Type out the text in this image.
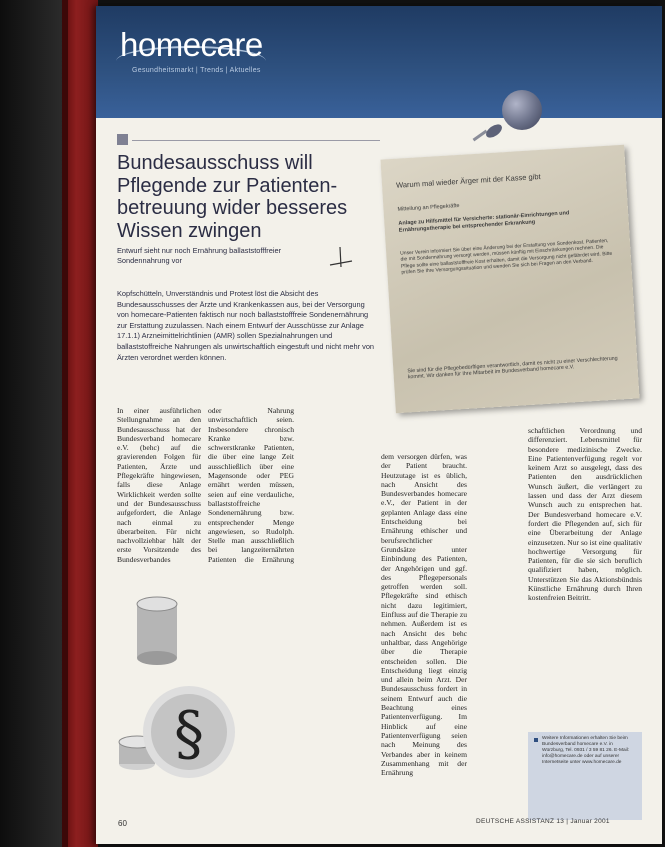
homecare
Gesundheitsmarkt | Trends | Aktuelles
Bundesausschuss will Pflegende zur Patientenbetreuung wider besseres Wissen zwingen

Entwurf sieht nur noch Ernährung ballaststofffreier Sondennahrung vor

Kopfschütteln, Unverständnis und Protest löst die Absicht des Bundesausschusses der Ärzte und Krankenkassen aus, bei der Versorgung von homecare-Patienten faktisch nur noch ballaststofffreie Sondenernährung zur Erstattung zuzulassen. Nach einem Entwurf der Ausschüsse zur Anlage 17.1.1) Arzneimittelrichtlinien (AMR) sollen Spezialnahrungen und ballaststoffreiche Nahrungen als unwirtschaftlich eingestuft und nicht mehr von Ärzten verordnet werden können.

Warum mal wieder Ärger mit der Kasse gibt
Mitteilung an Pflegekräfte
Anlage zu Hilfsmittel für Versicherte: stationär-Einrichtungen und Ernährungstherapie bei entsprechender Erkrankung
Unser Verein informiert Sie über eine Änderung bei der Erstattung von Sondenkost. Patienten, die mit Sondennahrung versorgt werden, müssen künftig mit Einschränkungen rechnen. Die Pflege sollte eine ballaststofffreie Kost erhalten, damit die Versorgung nicht gefährdet wird. Bitte prüfen Sie Ihre Versorgungssituation und wenden Sie sich bei Fragen an den Verband.
Sie sind für die Pflegebedürftigen verantwortlich, damit es nicht zu einer Verschlechterung kommt. Wir danken für Ihre Mitarbeit im Bundesverband homecare e.V.

In einer ausführlichen Stellungnahme an den Bundesausschuss hat der Bundesverband homecare e.V. (behc) auf die gravierenden Folgen für Patienten, Ärzte und Pflegekräfte hingewiesen, falls diese Anlage Wirklichkeit werden sollte und der Bundesausschuss aufgefordert, die Anlage nach einmal zu überarbeiten. Für nicht nachvollziehbar hält der erste Vorsitzende des Bundesverbandes

oder Nahrung unwirtschaftlich seien. Insbesondere chronisch Kranke bzw. schwerstkranke Patienten, die über eine lange Zeit ausschließlich über eine Magensonde oder PEG ernährt werden müssen, seien auf eine verdauliche, ballaststoffreiche Sondenernährung bzw. entsprechender Menge angewiesen, so Rudolph. Stelle man ausschließlich bei langzeiternährten Patienten die Ernährung

dem versorgen dürfen, was der Patient braucht. Heutzutage ist es üblich, nach Ansicht des Bundesverbandes homecare e.V., der Patient in der geplanten Anlage dass eine Entscheidung bei Ernährung ethischer und berufsrechtlicher Grundsätze unter Einbindung des Patienten, der Angehörigen und ggf. des Pflegepersonals getroffen werden soll. Pflegekräfte sind ethisch nicht dazu legitimiert, Einfluss auf die Therapie zu nehmen. Außerdem ist es nach Ansicht des behc unhaltbar, dass Angehörige über die Therapie entscheiden sollen. Die Entscheidung liegt einzig und allein beim Arzt. Der Bundesausschuss fordert in seinem Entwurf auch die Beachtung eines Patientenverfügung. Im Hinblick auf eine Patientenverfügung seien nach Meinung des Verbandes aber in keinem Zusammenhang mit der Ernährung

schaftlichen Verordnung und differenziert. Lebensmittel für besondere medizinische Zwecke. Eine Patientenverfügung regelt vor keinem Arzt so ausgelegt, dass des Patienten den ausdrücklichen Wunsch äußert, die verlängert zu lassen und dass der Arzt diesem Wunsch auch zu entsprechen hat. Der Bundesverband homecare e.V. fordert die Pflegenden auf, sich für eine Überarbeitung der Anlage einzusetzen. Nur so ist eine qualitativ hochwertige Versorgung für Patienten, für die sie sich beruflich qualifiziert haben, möglich. Unterstützen Sie das Aktionsbündnis Künstliche Ernährung durch Ihren kostenfreien Beitritt.

§	Weitere Informationen erhalten Sie beim Bundesverband homecare e.V. in Würzburg, Tel. 0931 / 3 59 81 26. E-Mail: info@homecare.de oder auf unserer Internetseite unter www.homecare.de

60	DEUTSCHE ASSISTANZ 13 | Januar 2001
